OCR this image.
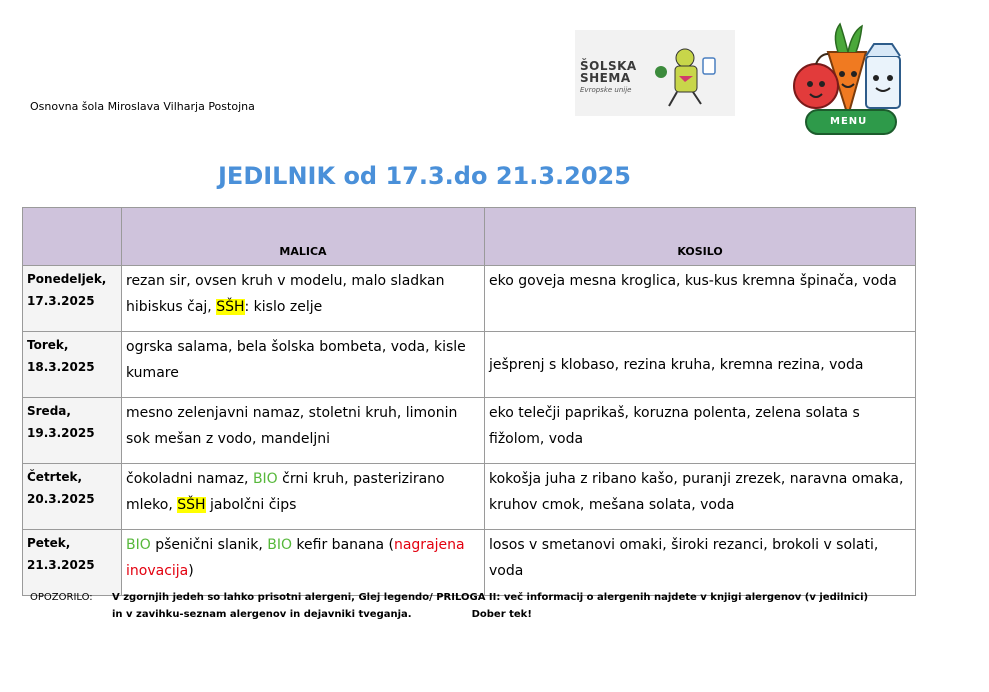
Osnovna šola Miroslava Vilharja Postojna
ŠOLSKA
SHEMA
Evropske unije
MENU
JEDILNIK od 17.3.do 21.3.2025
	MALICA	KOSILO
Ponedeljek,
17.3.2025	rezan sir, ovsen kruh v modelu, malo sladkan hibiskus čaj, SŠH: kislo zelje	eko goveja mesna kroglica, kus-kus kremna špinača, voda
Torek,
18.3.2025	ogrska salama, bela šolska bombeta, voda, kisle kumare	ješprenj s klobaso, rezina kruha, kremna rezina, voda
Sreda,
19.3.2025	mesno zelenjavni namaz, stoletni kruh, limonin sok mešan z vodo, mandeljni	eko telečji paprikaš, koruzna polenta, zelena solata s fižolom, voda
Četrtek,
20.3.2025	čokoladni namaz, BIO črni kruh, pasterizirano mleko, SŠH jabolčni čips	kokošja juha z ribano kašo, puranji zrezek, naravna omaka, kruhov cmok, mešana solata, voda
Petek,
21.3.2025	BIO pšenični slanik, BIO kefir banana (nagrajena inovacija)	losos v smetanovi omaki, široki rezanci, brokoli v solati, voda
OPOZORILO: V zgornjih jedeh so lahko prisotni alergeni, Glej legendo/ PRILOGA II: več informacij o alergenih najdete v knjigi alergenov (v jedilnici)
in v zavihku-seznam alergenov in dejavniki tveganja.	Dober tek!
